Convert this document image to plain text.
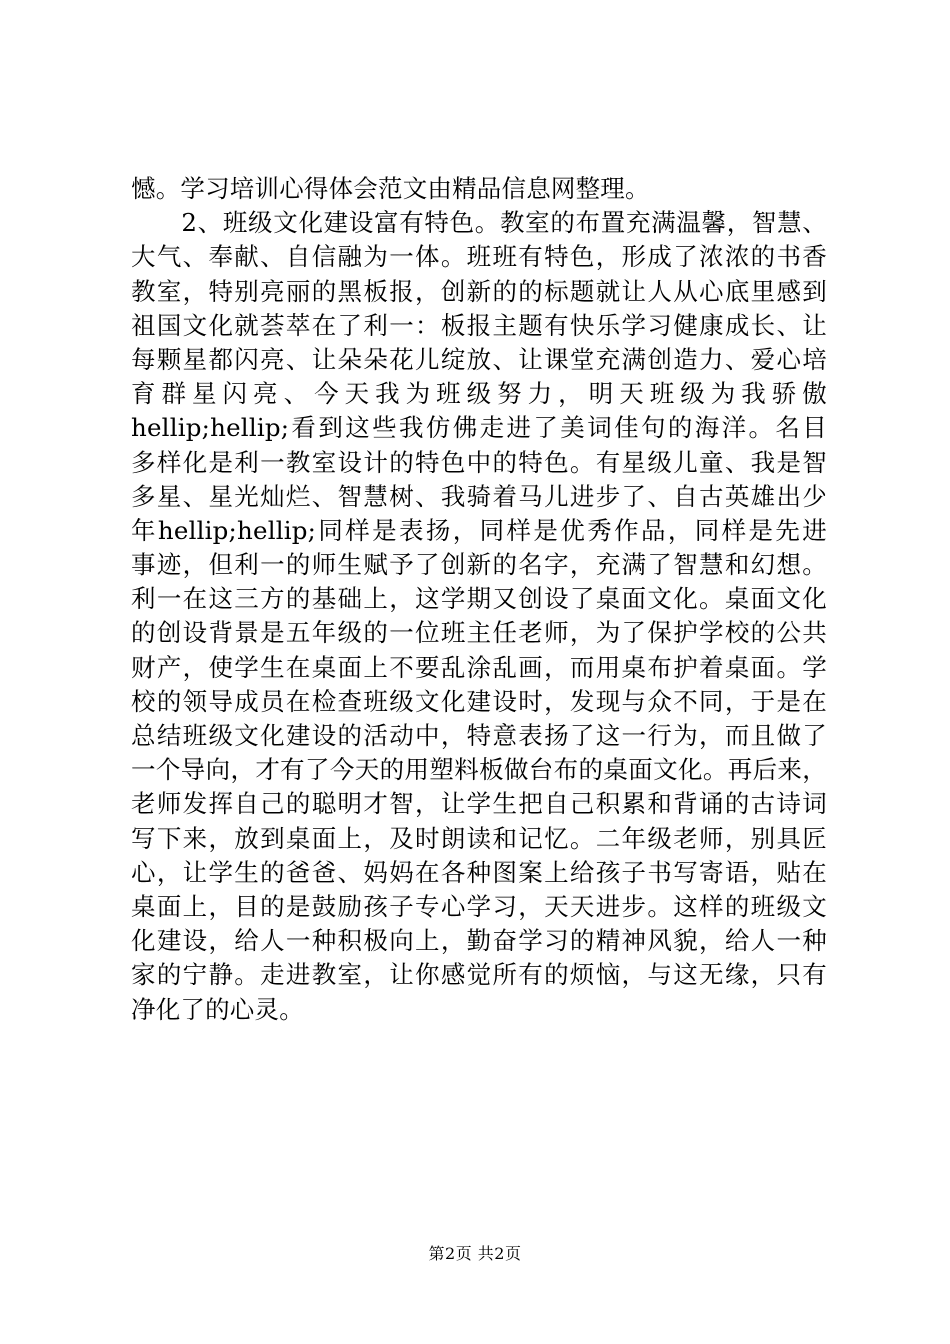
憾。学习培训心得体会范文由精品信息网整理。
　　2、班级文化建设富有特色。教室的布置充满温馨，智慧、
大气、奉献、自信融为一体。班班有特色，形成了浓浓的书香
教室，特别亮丽的黑板报，创新的的标题就让人从心底里感到
祖国文化就荟萃在了利一：板报主题有快乐学习健康成长、让
每颗星都闪亮、让朵朵花儿绽放、让课堂充满创造力、爱心培
育群星闪亮、今天我为班级努力，明天班级为我骄傲
hellip;hellip;看到这些我仿佛走进了美词佳句的海洋。名目
多样化是利一教室设计的特色中的特色。有星级儿童、我是智
多星、星光灿烂、智慧树、我骑着马儿进步了、自古英雄出少
年hellip;hellip;同样是表扬，同样是优秀作品，同样是先进
事迹，但利一的师生赋予了创新的名字，充满了智慧和幻想。
利一在这三方的基础上，这学期又创设了桌面文化。桌面文化
的创设背景是五年级的一位班主任老师，为了保护学校的公共
财产，使学生在桌面上不要乱涂乱画，而用桌布护着桌面。学
校的领导成员在检查班级文化建设时，发现与众不同，于是在
总结班级文化建设的活动中，特意表扬了这一行为，而且做了
一个导向，才有了今天的用塑料板做台布的桌面文化。再后来，
老师发挥自己的聪明才智，让学生把自己积累和背诵的古诗词
写下来，放到桌面上，及时朗读和记忆。二年级老师，别具匠
心，让学生的爸爸、妈妈在各种图案上给孩子书写寄语，贴在
桌面上，目的是鼓励孩子专心学习，天天进步。这样的班级文
化建设，给人一种积极向上，勤奋学习的精神风貌，给人一种
家的宁静。走进教室，让你感觉所有的烦恼，与这无缘，只有
净化了的心灵。
第2页 共2页
